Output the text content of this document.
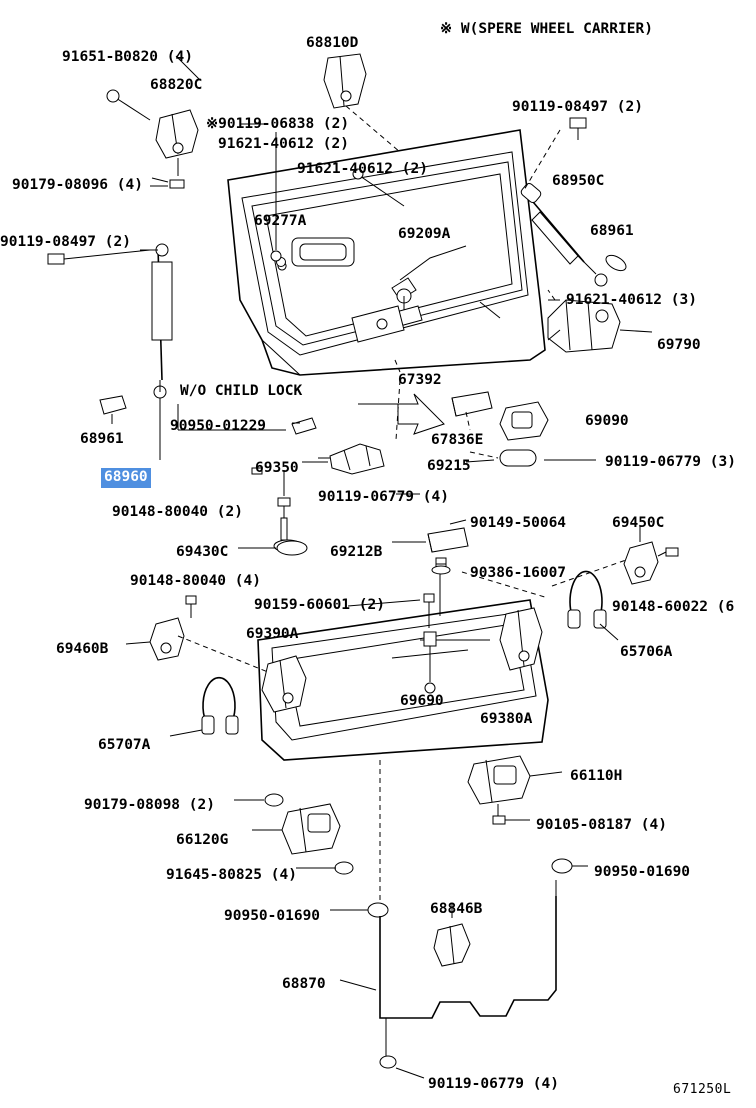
※ W(SPERE WHEEL CARRIER)
91651-B0820 (4)
68820C
68810D
90119-08497 (2)
※90119-06838 (2)
91621-40612 (2)
90179-08096 (4)
91621-40612 (2)
68950C
69277A
69209A	68961
90119-08497 (2)
91621-40612 (3)
69790
67392
68961
90950-01229
67836E
69090
69350	69215	90119-06779 (3)
90119-06779 (4)
90148-80040 (2)
90149-50064	69450C
69430C	69212B
90386-16007
90148-80040 (4)
90148-60022 (6
90159-60601 (2)
69390A
69460B	65706A
69690
69380A
65707A
66110H
90179-08098 (2)
90105-08187 (4)
66120G
91645-80825 (4)	90950-01690
90950-01690	68846B
68870
90119-06779 (4)
W/O CHILD LOCK
68960
671250L
